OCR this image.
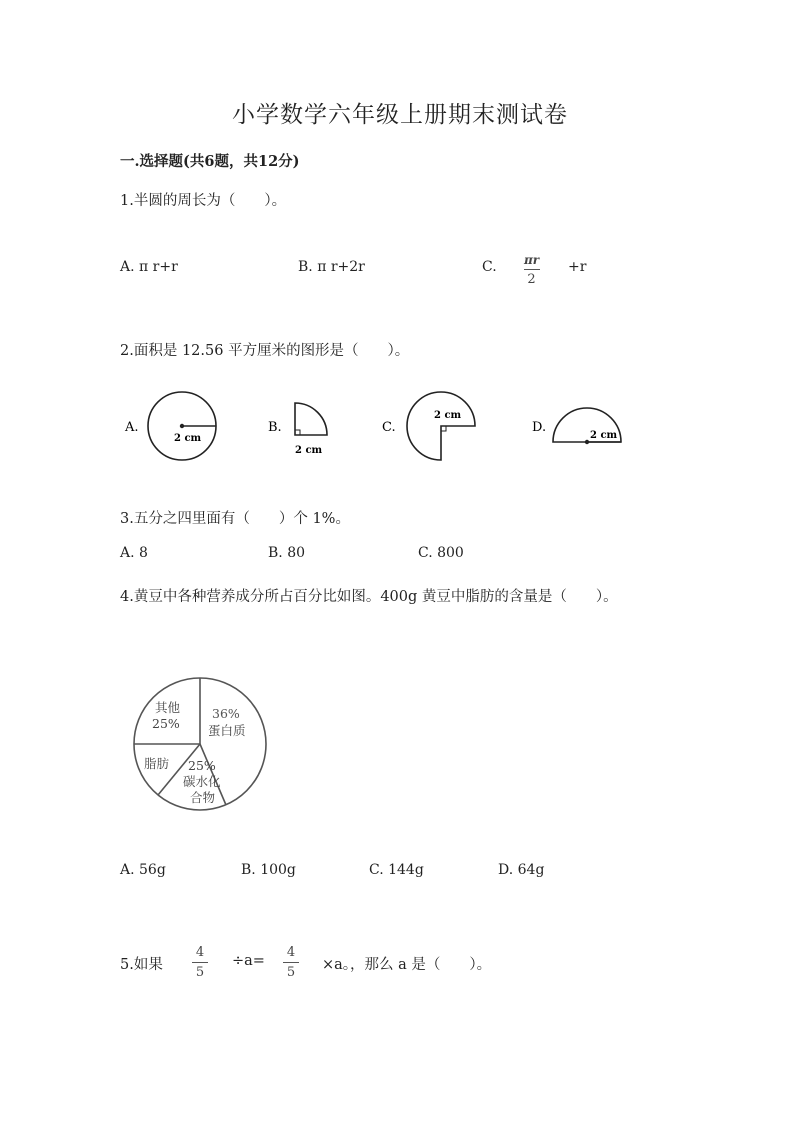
小学数学六年级上册期末测试卷
一.选择题(共6题，共12分)
1.半圆的周长为（　　）。
A. π r+r	B. π r+2r	C. πr
2
+r
2.面积是 12.56 平方厘米的图形是（　　）。
A.
2 cm
B.
2 cm
C.
2 cm
D.
2 cm
3.五分之四里面有（　　）个 1%。
A. 8	B. 80	C. 800
4.黄豆中各种营养成分所占百分比如图。400g 黄豆中脂肪的含量是（　　）。
其他
25%
36%
蛋白质
脂肪 25%
碳水化
合物
A. 56g	B. 100g	C. 144g	D. 64g
5.如果
4
5
÷a=
4
5 ×a。，那么 a 是（　　）。
